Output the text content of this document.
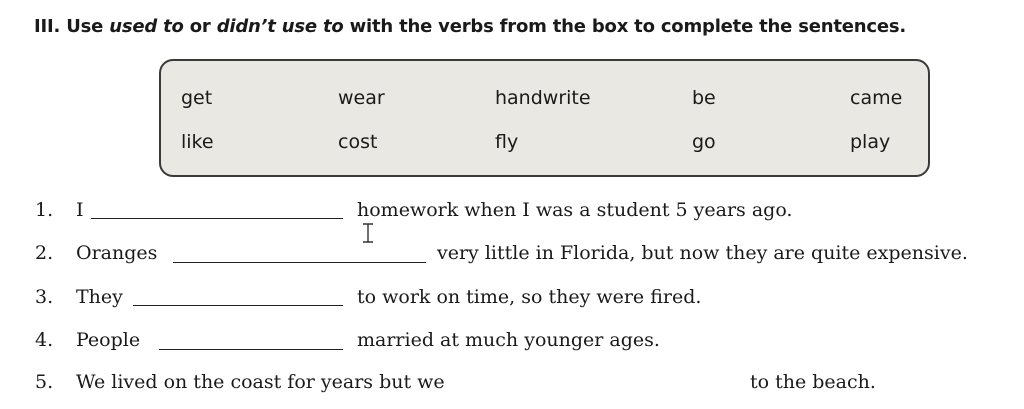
III. Use used to or didn’t use to with the verbs from the box to complete the sentences.
get	wear	handwrite	be	came
like	cost	fly	go	play
1. I	homework when I was a student 5 years ago.
2. Oranges	very little in Florida, but now they are quite expensive.
3. They	to work on time, so they were fired.
4. People	married at much younger ages.
5. We lived on the coast for years but we	to the beach.
